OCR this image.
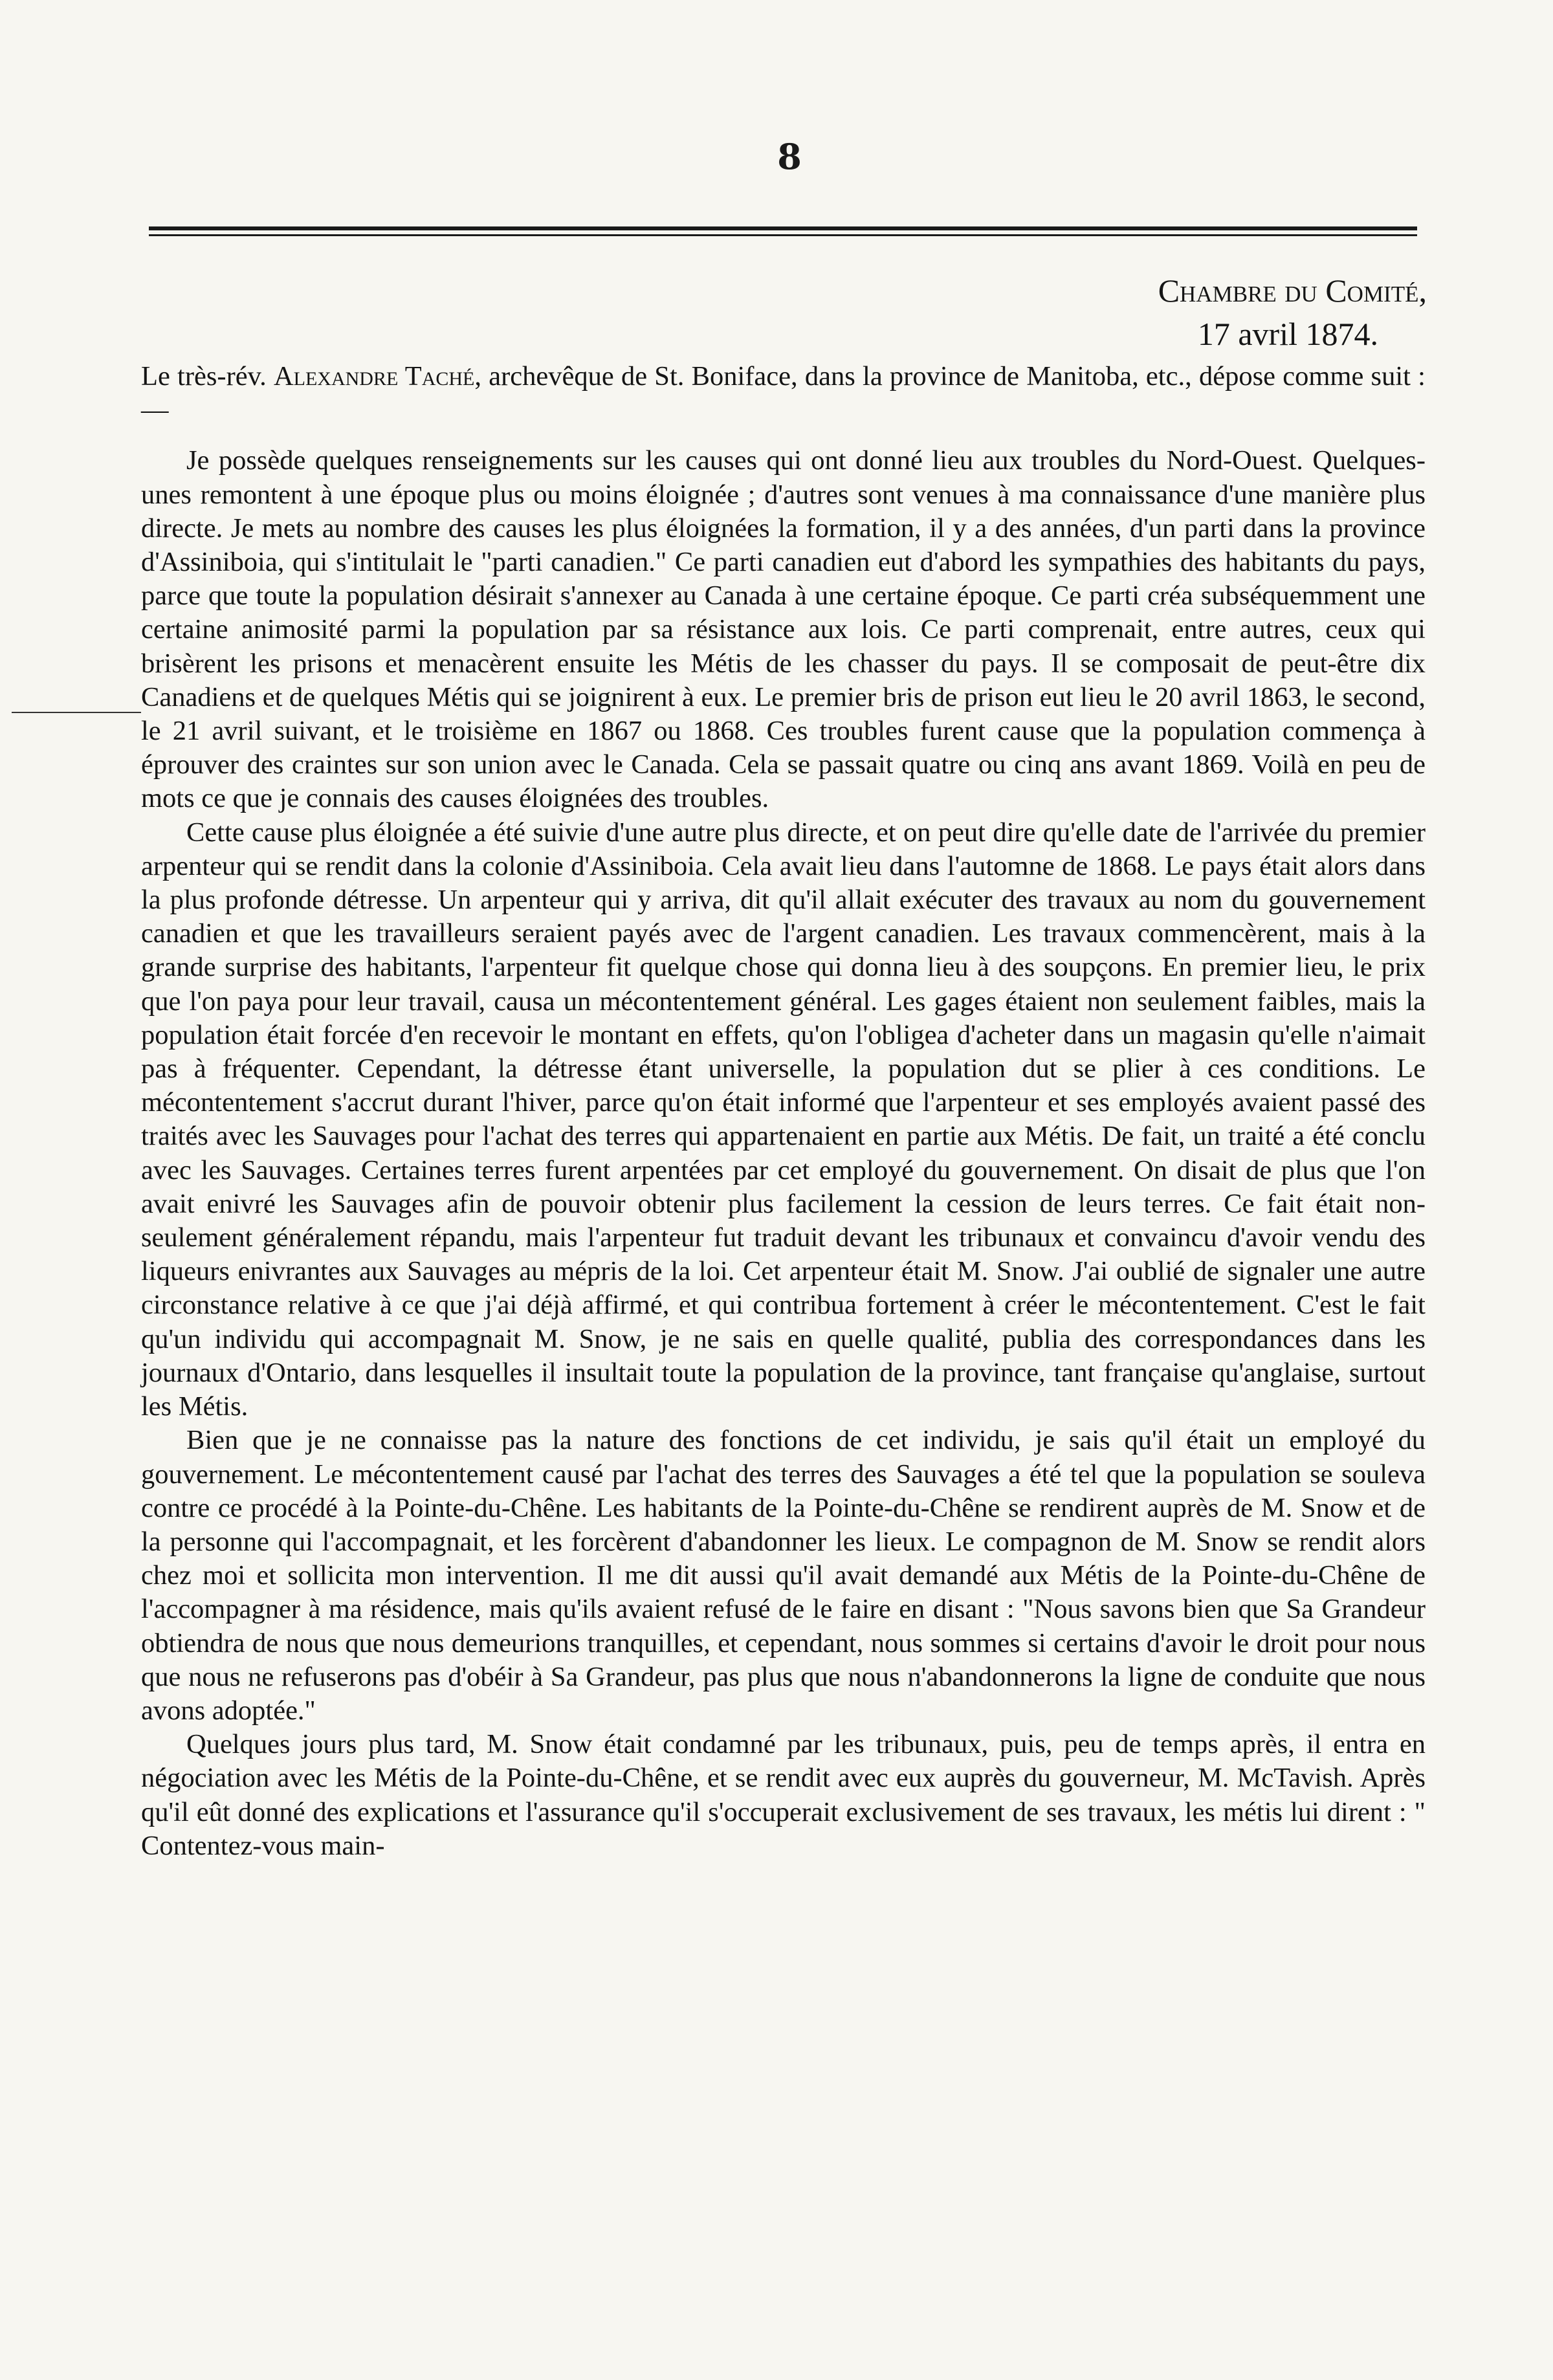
8
Chambre du Comité,
17 avril 1874.

Le très-rév. Alexandre Taché, archevêque de St. Boniface, dans la province de Manitoba, etc., dépose comme suit :—

Je possède quelques renseignements sur les causes qui ont donné lieu aux troubles du Nord-Ouest. Quelques-unes remontent à une époque plus ou moins éloignée ; d'autres sont venues à ma connaissance d'une manière plus directe. Je mets au nombre des causes les plus éloignées la formation, il y a des années, d'un parti dans la province d'Assiniboia, qui s'intitulait le "parti canadien." Ce parti canadien eut d'abord les sympathies des habitants du pays, parce que toute la population désirait s'annexer au Canada à une certaine époque. Ce parti créa subséquemment une certaine animosité parmi la population par sa résistance aux lois. Ce parti comprenait, entre autres, ceux qui brisèrent les prisons et menacèrent ensuite les Métis de les chasser du pays. Il se composait de peut-être dix Canadiens et de quelques Métis qui se joignirent à eux. Le premier bris de prison eut lieu le 20 avril 1863, le second, le 21 avril suivant, et le troisième en 1867 ou 1868. Ces troubles furent cause que la population commença à éprouver des craintes sur son union avec le Canada. Cela se passait quatre ou cinq ans avant 1869. Voilà en peu de mots ce que je connais des causes éloignées des troubles.

Cette cause plus éloignée a été suivie d'une autre plus directe, et on peut dire qu'elle date de l'arrivée du premier arpenteur qui se rendit dans la colonie d'Assiniboia. Cela avait lieu dans l'automne de 1868. Le pays était alors dans la plus profonde détresse. Un arpenteur qui y arriva, dit qu'il allait exécuter des travaux au nom du gouvernement canadien et que les travailleurs seraient payés avec de l'argent canadien. Les travaux commencèrent, mais à la grande surprise des habitants, l'arpenteur fit quelque chose qui donna lieu à des soupçons. En premier lieu, le prix que l'on paya pour leur travail, causa un mécontentement général. Les gages étaient non seulement faibles, mais la population était forcée d'en recevoir le montant en effets, qu'on l'obligea d'acheter dans un magasin qu'elle n'aimait pas à fréquenter. Cependant, la détresse étant universelle, la population dut se plier à ces conditions. Le mécontentement s'accrut durant l'hiver, parce qu'on était informé que l'arpenteur et ses employés avaient passé des traités avec les Sauvages pour l'achat des terres qui appartenaient en partie aux Métis. De fait, un traité a été conclu avec les Sauvages. Certaines terres furent arpentées par cet employé du gouvernement. On disait de plus que l'on avait enivré les Sauvages afin de pouvoir obtenir plus facilement la cession de leurs terres. Ce fait était non-seulement généralement répandu, mais l'arpenteur fut traduit devant les tribunaux et convaincu d'avoir vendu des liqueurs enivrantes aux Sauvages au mépris de la loi. Cet arpenteur était M. Snow. J'ai oublié de signaler une autre circonstance relative à ce que j'ai déjà affirmé, et qui contribua fortement à créer le mécontentement. C'est le fait qu'un individu qui accompagnait M. Snow, je ne sais en quelle qualité, publia des correspondances dans les journaux d'Ontario, dans lesquelles il insultait toute la population de la province, tant française qu'anglaise, surtout les Métis.

Bien que je ne connaisse pas la nature des fonctions de cet individu, je sais qu'il était un employé du gouvernement. Le mécontentement causé par l'achat des terres des Sauvages a été tel que la population se souleva contre ce procédé à la Pointe-du-Chêne. Les habitants de la Pointe-du-Chêne se rendirent auprès de M. Snow et de la personne qui l'accompagnait, et les forcèrent d'abandonner les lieux. Le compagnon de M. Snow se rendit alors chez moi et sollicita mon intervention. Il me dit aussi qu'il avait demandé aux Métis de la Pointe-du-Chêne de l'accompagner à ma résidence, mais qu'ils avaient refusé de le faire en disant : "Nous savons bien que Sa Grandeur obtiendra de nous que nous demeurions tranquilles, et cependant, nous sommes si certains d'avoir le droit pour nous que nous ne refuserons pas d'obéir à Sa Grandeur, pas plus que nous n'abandonnerons la ligne de conduite que nous avons adoptée."

Quelques jours plus tard, M. Snow était condamné par les tribunaux, puis, peu de temps après, il entra en négociation avec les Métis de la Pointe-du-Chêne, et se rendit avec eux auprès du gouverneur, M. McTavish. Après qu'il eût donné des explications et l'assurance qu'il s'occuperait exclusivement de ses travaux, les métis lui dirent : " Contentez-vous main-
